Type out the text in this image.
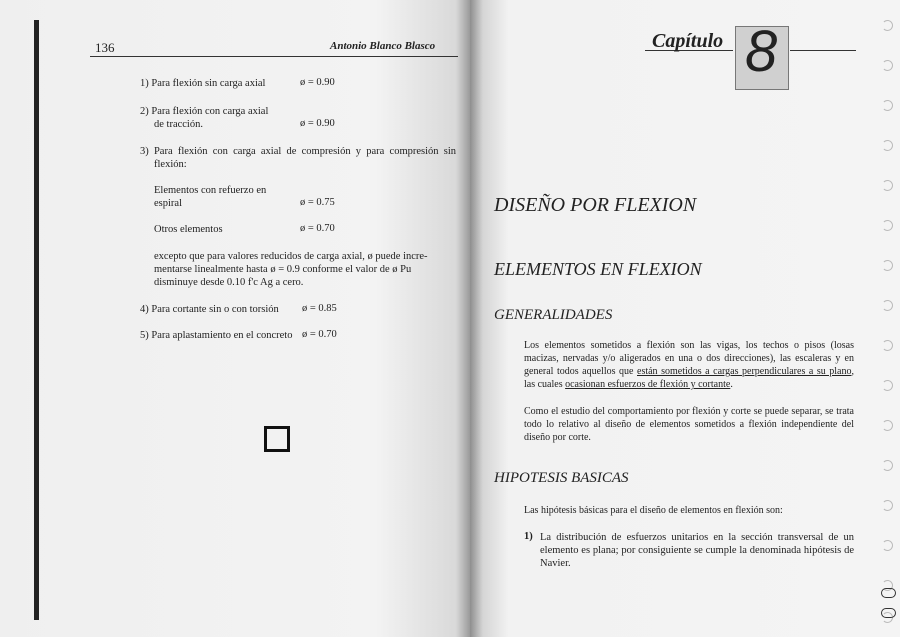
136	Antonio Blanco Blasco
1) Para flexión sin carga axial	ø = 0.90
2) Para flexión con carga axial
de tracción.	ø = 0.90
3) Para flexión con carga axial de compresión y para compresión sin
flexión:
Elementos con refuerzo en
espiral	ø = 0.75
Otros elementos	ø = 0.70
excepto que para valores reducidos de carga axial, ø puede incre-
mentarse linealmente hasta ø = 0.9 conforme el valor de ø Pu
disminuye desde 0.10 f'c Ag a cero.
4) Para cortante sin o con torsión ø = 0.85
5) Para aplastamiento en el concreto ø = 0.70
Capítulo 8
DISEÑO POR FLEXION
ELEMENTOS EN FLEXION
GENERALIDADES
Los elementos sometidos a flexión son las vigas, los techos o pisos (losas macizas, nervadas y/o aligerados en una o dos direcciones), las escaleras y en general todos aquellos que están sometidos a cargas perpendiculares a su plano, las cuales ocasionan esfuerzos de flexión y cortante.
Como el estudio del comportamiento por flexión y corte se puede separar, se trata todo lo relativo al diseño de elementos sometidos a flexión independiente del diseño por corte.
HIPOTESIS BASICAS
Las hipótesis básicas para el diseño de elementos en flexión son:
1) La distribución de esfuerzos unitarios en la sección transversal de un elemento es plana; por consiguiente se cumple la denominada hipótesis de Navier.
